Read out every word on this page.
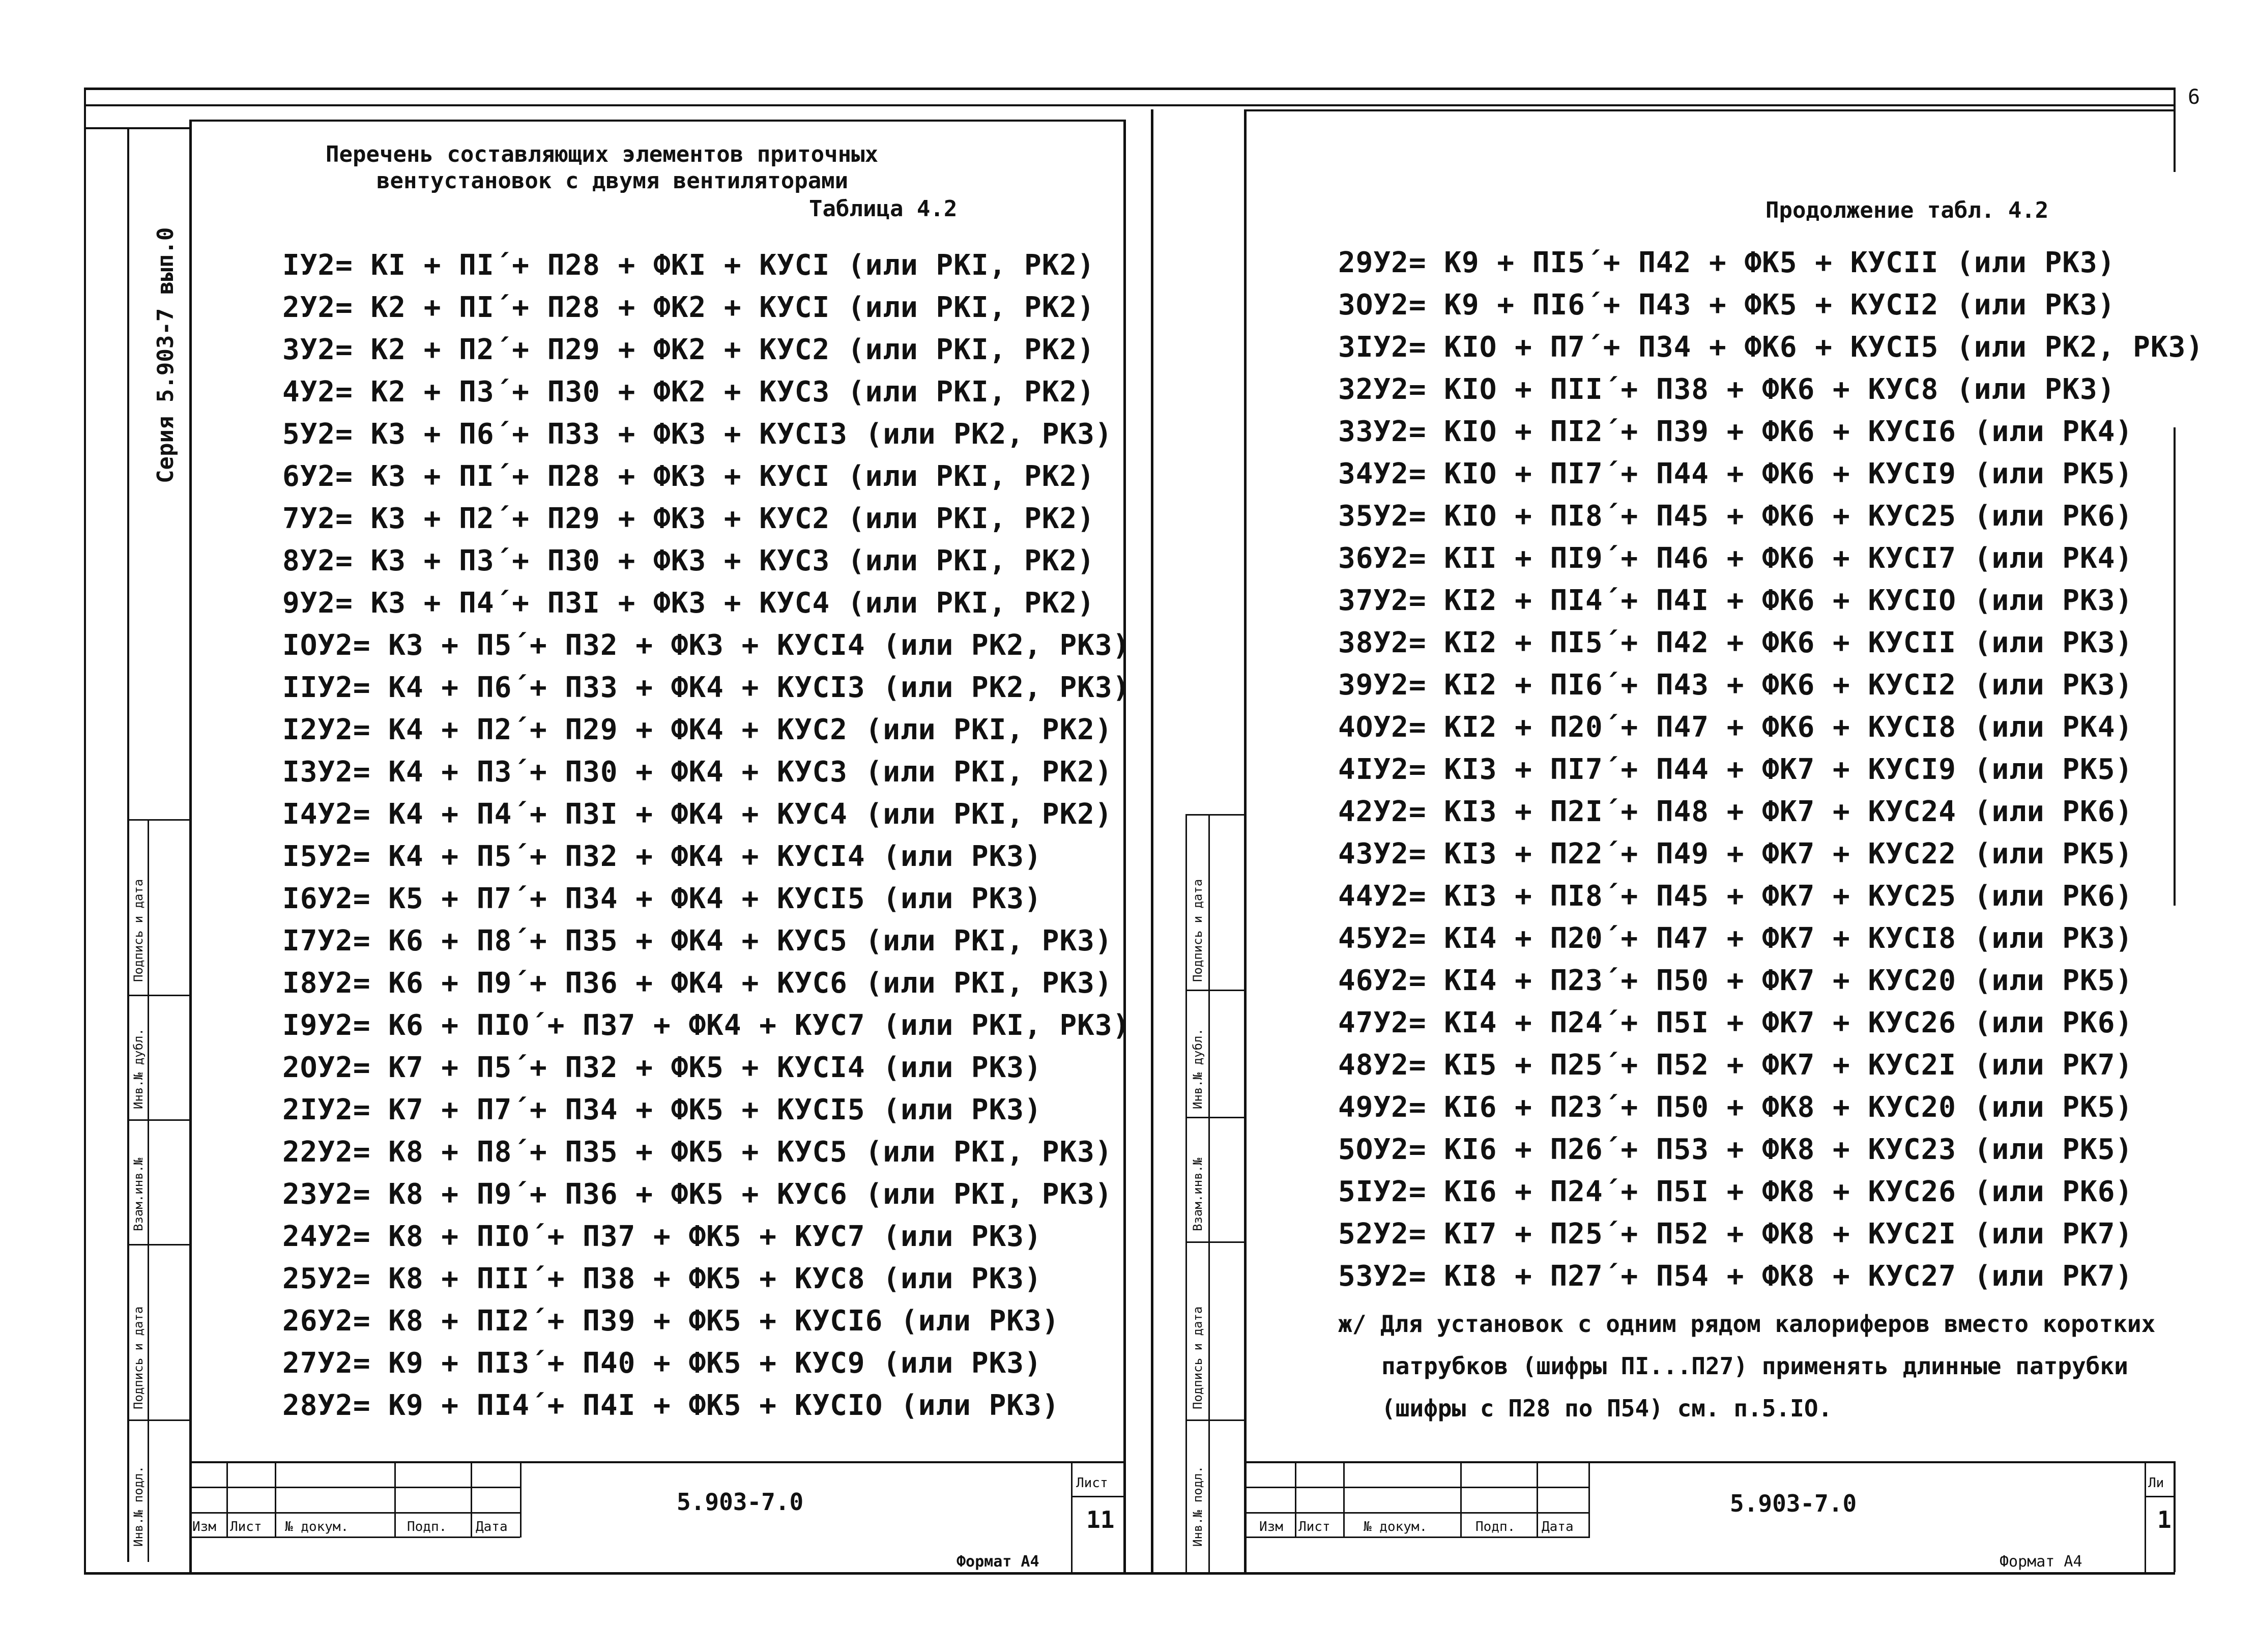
6
Серия 5.903-7 вып.0
Подпись и дата
Инв.№ дубл.
Взам.инв.№
Подпись и дата
Инв.№ подл.
Перечень составляющих элементов приточных
вентустановок с двумя вентиляторами
Таблица 4.2
IУ2= КI + ПI´+ П28 + ФКI + КУСI (или РКI, РК2)
2У2= К2 + ПI´+ П28 + ФК2 + КУСI (или РКI, РК2)
3У2= К2 + П2´+ П29 + ФК2 + КУС2 (или РКI, РК2)
4У2= К2 + П3´+ П30 + ФК2 + КУС3 (или РКI, РК2)
5У2= К3 + П6´+ П33 + ФК3 + КУСI3 (или РК2, РК3)
6У2= К3 + ПI´+ П28 + ФК3 + КУСI (или РКI, РК2)
7У2= К3 + П2´+ П29 + ФК3 + КУС2 (или РКI, РК2)
8У2= К3 + П3´+ П30 + ФК3 + КУС3 (или РКI, РК2)
9У2= К3 + П4´+ П3I + ФК3 + КУС4 (или РКI, РК2)
IOУ2= К3 + П5´+ П32 + ФК3 + КУСI4 (или РК2, РК3)
IIУ2= К4 + П6´+ П33 + ФК4 + КУСI3 (или РК2, РК3)
I2У2= К4 + П2´+ П29 + ФК4 + КУС2 (или РКI, РК2)
I3У2= К4 + П3´+ П30 + ФК4 + КУС3 (или РКI, РК2)
I4У2= К4 + П4´+ П3I + ФК4 + КУС4 (или РКI, РК2)
I5У2= К4 + П5´+ П32 + ФК4 + КУСI4 (или РК3)
I6У2= К5 + П7´+ П34 + ФК4 + КУСI5 (или РК3)
I7У2= К6 + П8´+ П35 + ФК4 + КУС5 (или РКI, РК3)
I8У2= К6 + П9´+ П36 + ФК4 + КУС6 (или РКI, РК3)
I9У2= К6 + ПIO´+ П37 + ФК4 + КУС7 (или РКI, РК3)
2OУ2= К7 + П5´+ П32 + ФК5 + КУСI4 (или РК3)
2IУ2= К7 + П7´+ П34 + ФК5 + КУСI5 (или РК3)
22У2= К8 + П8´+ П35 + ФК5 + КУС5 (или РКI, РК3)
23У2= К8 + П9´+ П36 + ФК5 + КУС6 (или РКI, РК3)
24У2= К8 + ПIO´+ П37 + ФК5 + КУС7 (или РК3)
25У2= К8 + ПII´+ П38 + ФК5 + КУС8 (или РК3)
26У2= К8 + ПI2´+ П39 + ФК5 + КУСI6 (или РК3)
27У2= К9 + ПI3´+ П40 + ФК5 + КУС9 (или РК3)
28У2= К9 + ПI4´+ П4I + ФК5 + КУСIO (или РК3)
Изм Лист № докум.	Подп. Дата
5.903-7.0
Лист
11
Формат А4
Подпись и дата
Инв.№ дубл.
Взам.инв.№
Подпись и дата
Инв.№ подл.
Продолжение табл. 4.2
29У2= К9 + ПI5´+ П42 + ФК5 + КУСII (или РК3)
3OУ2= К9 + ПI6´+ П43 + ФК5 + КУСI2 (или РК3)
3IУ2= КIO + П7´+ П34 + ФК6 + КУСI5 (или РК2, РК3)
32У2= КIO + ПII´+ П38 + ФК6 + КУС8 (или РК3)
33У2= КIO + ПI2´+ П39 + ФК6 + КУСI6 (или РК4)
34У2= КIO + ПI7´+ П44 + ФК6 + КУСI9 (или РК5)
35У2= КIO + ПI8´+ П45 + ФК6 + КУС25 (или РК6)
36У2= КII + ПI9´+ П46 + ФК6 + КУСI7 (или РК4)
37У2= КI2 + ПI4´+ П4I + ФК6 + КУСIO (или РК3)
38У2= КI2 + ПI5´+ П42 + ФК6 + КУСII (или РК3)
39У2= КI2 + ПI6´+ П43 + ФК6 + КУСI2 (или РК3)
4OУ2= КI2 + П20´+ П47 + ФК6 + КУСI8 (или РК4)
4IУ2= КI3 + ПI7´+ П44 + ФК7 + КУСI9 (или РК5)
42У2= КI3 + П2I´+ П48 + ФК7 + КУС24 (или РК6)
43У2= КI3 + П22´+ П49 + ФК7 + КУС22 (или РК5)
44У2= КI3 + ПI8´+ П45 + ФК7 + КУС25 (или РК6)
45У2= КI4 + П20´+ П47 + ФК7 + КУСI8 (или РК3)
46У2= КI4 + П23´+ П50 + ФК7 + КУС20 (или РК5)
47У2= КI4 + П24´+ П5I + ФК7 + КУС26 (или РК6)
48У2= КI5 + П25´+ П52 + ФК7 + КУС2I (или РК7)
49У2= КI6 + П23´+ П50 + ФК8 + КУС20 (или РК5)
5OУ2= КI6 + П26´+ П53 + ФК8 + КУС23 (или РК5)
5IУ2= КI6 + П24´+ П5I + ФК8 + КУС26 (или РК6)
52У2= КI7 + П25´+ П52 + ФК8 + КУС2I (или РК7)
53У2= КI8 + П27´+ П54 + ФК8 + КУС27 (или РК7)
ж/ Для установок с одним рядом калориферов вместо коротких
патрубков (шифры ПI...П27) применять длинные патрубки
(шифры с П28 по П54) см. п.5.IO.
Изм Лист	№ докум.	Подп. Дата
5.903-7.0
Ли
1
Формат А4
